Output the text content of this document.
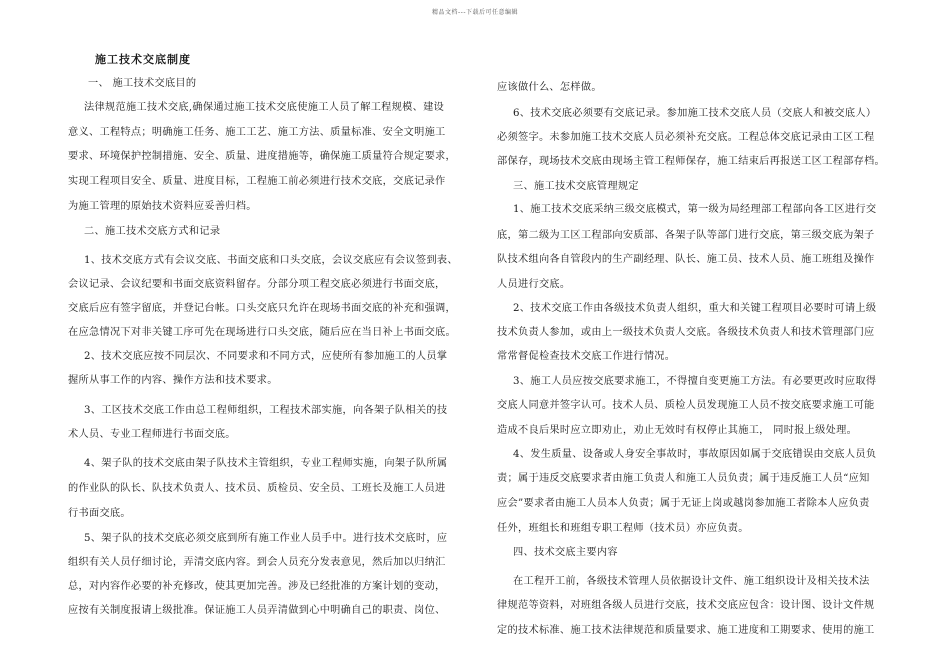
精品文档---下载后可任意编辑
施工技术交底制度
一、 施工技术交底目的
法律规范施工技术交底,确保通过施工技术交底使施工人员了解工程规模、建设
意义、工程特点；明确施工任务、施工工艺、施工方法、质量标准、安全文明施工
要求、环境保护控制措施、安全、质量、进度措施等，确保施工质量符合规定要求，
实现工程项目安全、质量、进度目标，工程施工前必须进行技术交底，交底记录作
为施工管理的原始技术资料应妥善归档。
二、施工技术交底方式和记录
1、技术交底方式有会议交底、书面交底和口头交底，会议交底应有会议签到表、
会议记录、会议纪要和书面交底资料留存。分部分项工程交底必须进行书面交底，
交底后应有签字留底，并登记台帐。口头交底只允许在现场书面交底的补充和强调，
在应急情况下对非关键工序可先在现场进行口头交底，随后应在当日补上书面交底。
2、技术交底应按不同层次、不同要求和不同方式，应使所有参加施工的人员掌
握所从事工作的内容、操作方法和技术要求。
3、工区技术交底工作由总工程师组织，工程技术部实施，向各架子队相关的技
术人员、专业工程师进行书面交底。
4、架子队的技术交底由架子队技术主管组织，专业工程师实施，向架子队所属
的作业队的队长、队技术负责人、技术员、质检员、安全员、工班长及施工人员进
行书面交底。
5、架子队的技术交底必须交底到所有施工作业人员手中。进行技术交底时，应
组织有关人员仔细讨论，弄清交底内容。到会人员充分发表意见，然后加以归纳汇
总，对内容作必要的补充修改，使其更加完善。涉及已经批准的方案计划的变动，
应按有关制度报请上级批准。保证施工人员弄清做到心中明确自己的职责、岗位、
应该做什么、怎样做。
6、技术交底必须要有交底记录。参加施工技术交底人员（交底人和被交底人）
必须签字。未参加施工技术交底人员必须补充交底。工程总体交底记录由工区工程
部保存，现场技术交底由现场主管工程师保存，施工结束后再报送工区工程部存档。
三、施工技术交底管理规定
1、施工技术交底采纳三级交底模式，第一级为局经理部工程部向各工区进行交
底，第二级为工区工程部向安质部、各架子队等部门进行交底，第三级交底为架子
队技术组向各自管段内的生产副经理、队长、施工员、技术人员、施工班组及操作
人员进行交底。
2、技术交底工作由各级技术负责人组织，重大和关键工程项目必要时可请上级
技术负责人参加，或由上一级技术负责人交底。各级技术负责人和技术管理部门应
常常督促检查技术交底工作进行情况。
3、施工人员应按交底要求施工，不得擅自变更施工方法。有必要更改时应取得
交底人同意并签字认可。技术人员、质检人员发现施工人员不按交底要求施工可能
造成不良后果时应立即劝止，劝止无效时有权停止其施工， 同时报上级处理。
4、发生质量、设备或人身安全事故时，事故原因如属于交底错误由交底人员负
责；属于违反交底要求者由施工负责人和施工人员负责；属于违反施工人员“应知
应会”要求者由施工人员本人负责；属于无证上岗或越岗参加施工者除本人应负责
任外，班组长和班组专职工程师（技术员）亦应负责。
四、技术交底主要内容
在工程开工前，各级技术管理人员依据设计文件、施工组织设计及相关技术法
律规范等资料，对班组各级人员进行交底，技术交底应包含：设计图、设计文件规
定的技术标准、施工技术法律规范和质量要求、施工进度和工期要求、使用的施工
